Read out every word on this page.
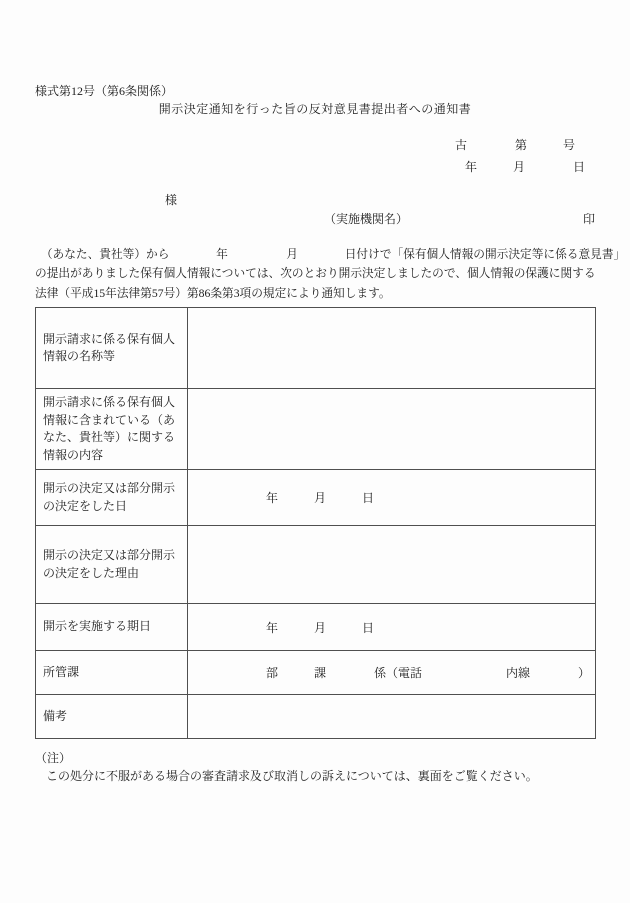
様式第12号（第6条関係）
開示決定通知を行った旨の反対意見書提出者への通知書
古　　　　第　　　号
年　　　月　　　　日
様
（実施機関名）	印
　（あなた、貴社等）から　　　　年　　　　　月　　　　日付けで「保有個人情報の開示決定等に係る意見書」
の提出がありました保有個人情報については、次のとおり開示決定しましたので、個人情報の保護に関する
法律（平成15年法律第57号）第86条第3項の規定により通知します。
開示請求に係る保有個人情報の名称等	
開示請求に係る保有個人情報に含まれている（あなた、貴社等）に関する情報の内容	
開示の決定又は部分開示の決定をした日	年　　　月　　　日
開示の決定又は部分開示の決定をした理由	
開示を実施する期日	年　　　月　　　日
所管課	部　　　課　　　　係（電話　　　　　　　内線　　　　）
備考	
（注）
この処分に不服がある場合の審査請求及び取消しの訴えについては、裏面をご覧ください。
